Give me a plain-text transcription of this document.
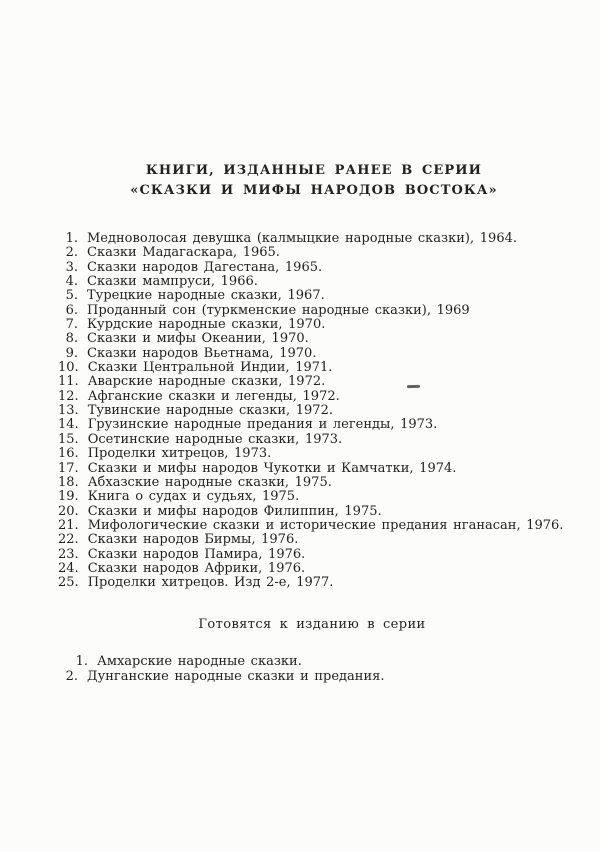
КНИГИ, ИЗДАННЫЕ РАНЕЕ В СЕРИИ
«СКАЗКИ И МИФЫ НАРОДОВ ВОСТОКА»
1. Медноволосая девушка (калмыцкие народные сказки), 1964.
2. Сказки Мадагаскара, 1965.
3. Сказки народов Дагестана, 1965.
4. Сказки мампруси, 1966.
5. Турецкие народные сказки, 1967.
6. Проданный сон (туркменские народные сказки), 1969
7. Курдские народные сказки, 1970.
8. Сказки и мифы Океании, 1970.
9. Сказки народов Вьетнама, 1970.
10. Сказки Центральной Индии, 1971.
11. Аварские народные сказки, 1972.
12. Афганские сказки и легенды, 1972.
13. Тувинские народные сказки, 1972.
14. Грузинские народные предания и легенды, 1973.
15. Осетинские народные сказки, 1973.
16. Проделки хитрецов, 1973.
17. Сказки и мифы народов Чукотки и Камчатки, 1974.
18. Абхазские народные сказки, 1975.
19. Книга о судах и судьях, 1975.
20. Сказки и мифы народов Филиппин, 1975.
21. Мифологические сказки и исторические предания нганасан, 1976.
22. Сказки народов Бирмы, 1976.
23. Сказки народов Памира, 1976.
24. Сказки народов Африки, 1976.
25. Проделки хитрецов. Изд 2-е, 1977.
Готовятся к изданию в серии
1. Амхарские народные сказки.
2. Дунганские народные сказки и предания.
